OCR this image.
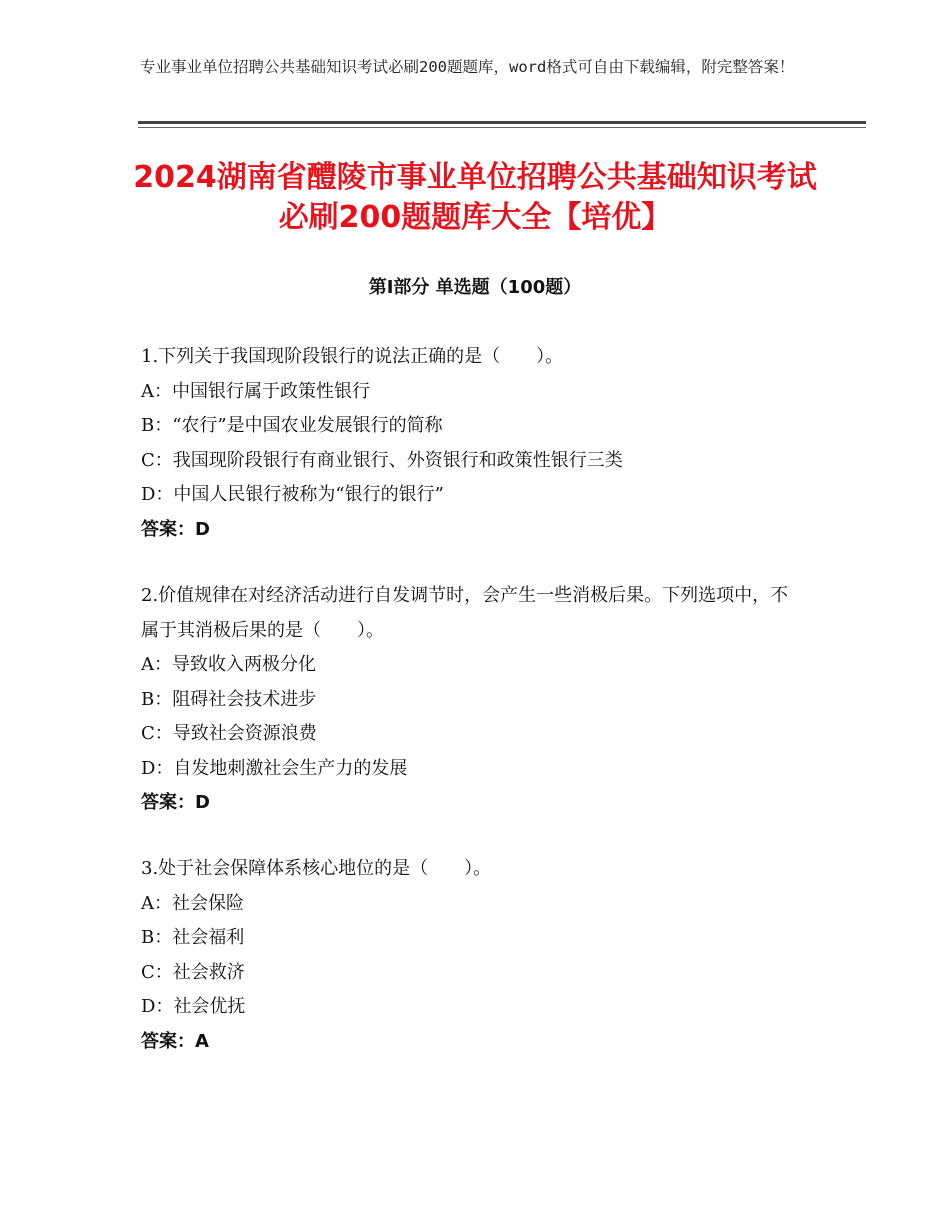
专业事业单位招聘公共基础知识考试必刷200题题库，word格式可自由下载编辑，附完整答案！
2024湖南省醴陵市事业单位招聘公共基础知识考试必刷200题题库大全【培优】
第Ⅰ部分 单选题（100题）
1.下列关于我国现阶段银行的说法正确的是（　　）。
A：中国银行属于政策性银行
B：“农行”是中国农业发展银行的简称
C：我国现阶段银行有商业银行、外资银行和政策性银行三类
D：中国人民银行被称为“银行的银行”
答案：D
2.价值规律在对经济活动进行自发调节时，会产生一些消极后果。下列选项中，不属于其消极后果的是（　　）。
A：导致收入两极分化
B：阻碍社会技术进步
C：导致社会资源浪费
D：自发地刺激社会生产力的发展
答案：D
3.处于社会保障体系核心地位的是（　　）。
A：社会保险
B：社会福利
C：社会救济
D：社会优抚
答案：A
